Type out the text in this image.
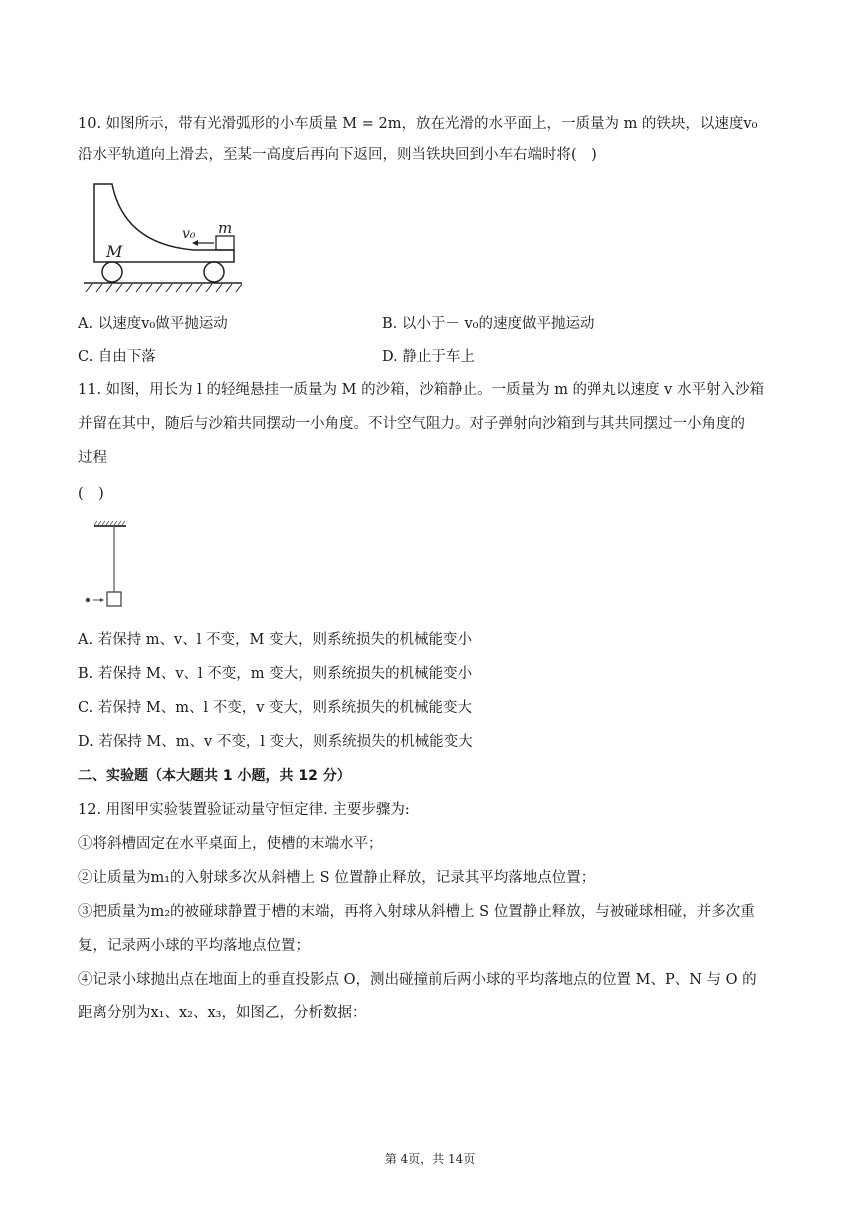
10. 如图所示，带有光滑弧形的小车质量 M = 2m，放在光滑的水平面上，一质量为 m 的铁块，以速度v₀
沿水平轨道向上滑去，至某一高度后再向下返回，则当铁块回到小车右端时将(　)
M
m
v₀
A. 以速度v₀做平抛运动	B. 以小于－ v₀的速度做平抛运动
C. 自由下落	D. 静止于车上
11. 如图，用长为 l 的轻绳悬挂一质量为 M 的沙箱，沙箱静止。一质量为 m 的弹丸以速度 v 水平射入沙箱
并留在其中，随后与沙箱共同摆动一小角度。不计空气阻力。对子弹射向沙箱到与其共同摆过一小角度的
过程
(　)
A. 若保持 m、v、l 不变，M 变大，则系统损失的机械能变小
B. 若保持 M、v、l 不变，m 变大，则系统损失的机械能变小
C. 若保持 M、m、l 不变，v 变大，则系统损失的机械能变大
D. 若保持 M、m、v 不变，l 变大，则系统损失的机械能变大
二、实验题（本大题共 1 小题，共 12 分）
12. 用图甲实验装置验证动量守恒定律. 主要步骤为:
①将斜槽固定在水平桌面上，使槽的末端水平；
②让质量为m₁的入射球多次从斜槽上 S 位置静止释放，记录其平均落地点位置；
③把质量为m₂的被碰球静置于槽的末端，再将入射球从斜槽上 S 位置静止释放，与被碰球相碰，并多次重
复，记录两小球的平均落地点位置；
④记录小球抛出点在地面上的垂直投影点 O，测出碰撞前后两小球的平均落地点的位置 M、P、N 与 O 的
距离分别为x₁、x₂、x₃，如图乙，分析数据：
第 4页，共 14页
